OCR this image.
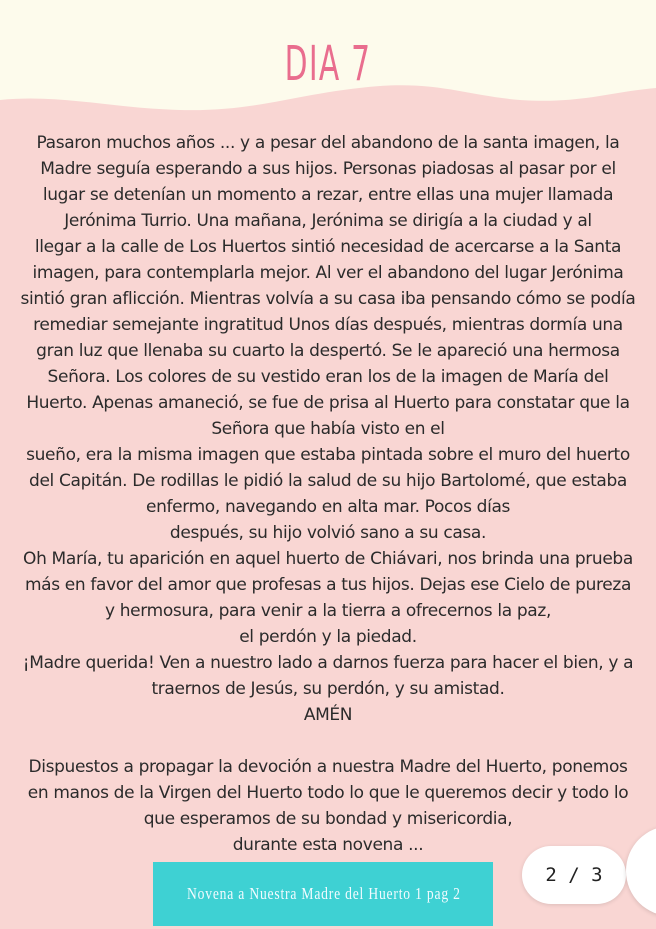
DIA 7
Pasaron muchos años ... y a pesar del abandono de la santa imagen, la
Madre seguía esperando a sus hijos. Personas piadosas al pasar por el
lugar se detenían un momento a rezar, entre ellas una mujer llamada
Jerónima Turrio. Una mañana, Jerónima se dirigía a la ciudad y al
llegar a la calle de Los Huertos sintió necesidad de acercarse a la Santa
imagen, para contemplarla mejor. Al ver el abandono del lugar Jerónima
sintió gran aflicción. Mientras volvía a su casa iba pensando cómo se podía
remediar semejante ingratitud Unos días después, mientras dormía una
gran luz que llenaba su cuarto la despertó. Se le apareció una hermosa
Señora. Los colores de su vestido eran los de la imagen de María del
Huerto. Apenas amaneció, se fue de prisa al Huerto para constatar que la
Señora que había visto en el
sueño, era la misma imagen que estaba pintada sobre el muro del huerto
del Capitán. De rodillas le pidió la salud de su hijo Bartolomé, que estaba
enfermo, navegando en alta mar. Pocos días
después, su hijo volvió sano a su casa.
Oh María, tu aparición en aquel huerto de Chiávari, nos brinda una prueba
más en favor del amor que profesas a tus hijos. Dejas ese Cielo de pureza
y hermosura, para venir a la tierra a ofrecernos la paz,
el perdón y la piedad.
¡Madre querida! Ven a nuestro lado a darnos fuerza para hacer el bien, y a
traernos de Jesús, su perdón, y su amistad.
AMÉN
Dispuestos a propagar la devoción a nuestra Madre del Huerto, ponemos
en manos de la Virgen del Huerto todo lo que le queremos decir y todo lo
que esperamos de su bondad y misericordia,
durante esta novena ...
Novena a Nuestra Madre del Huerto 1 pag 2
2 / 3
